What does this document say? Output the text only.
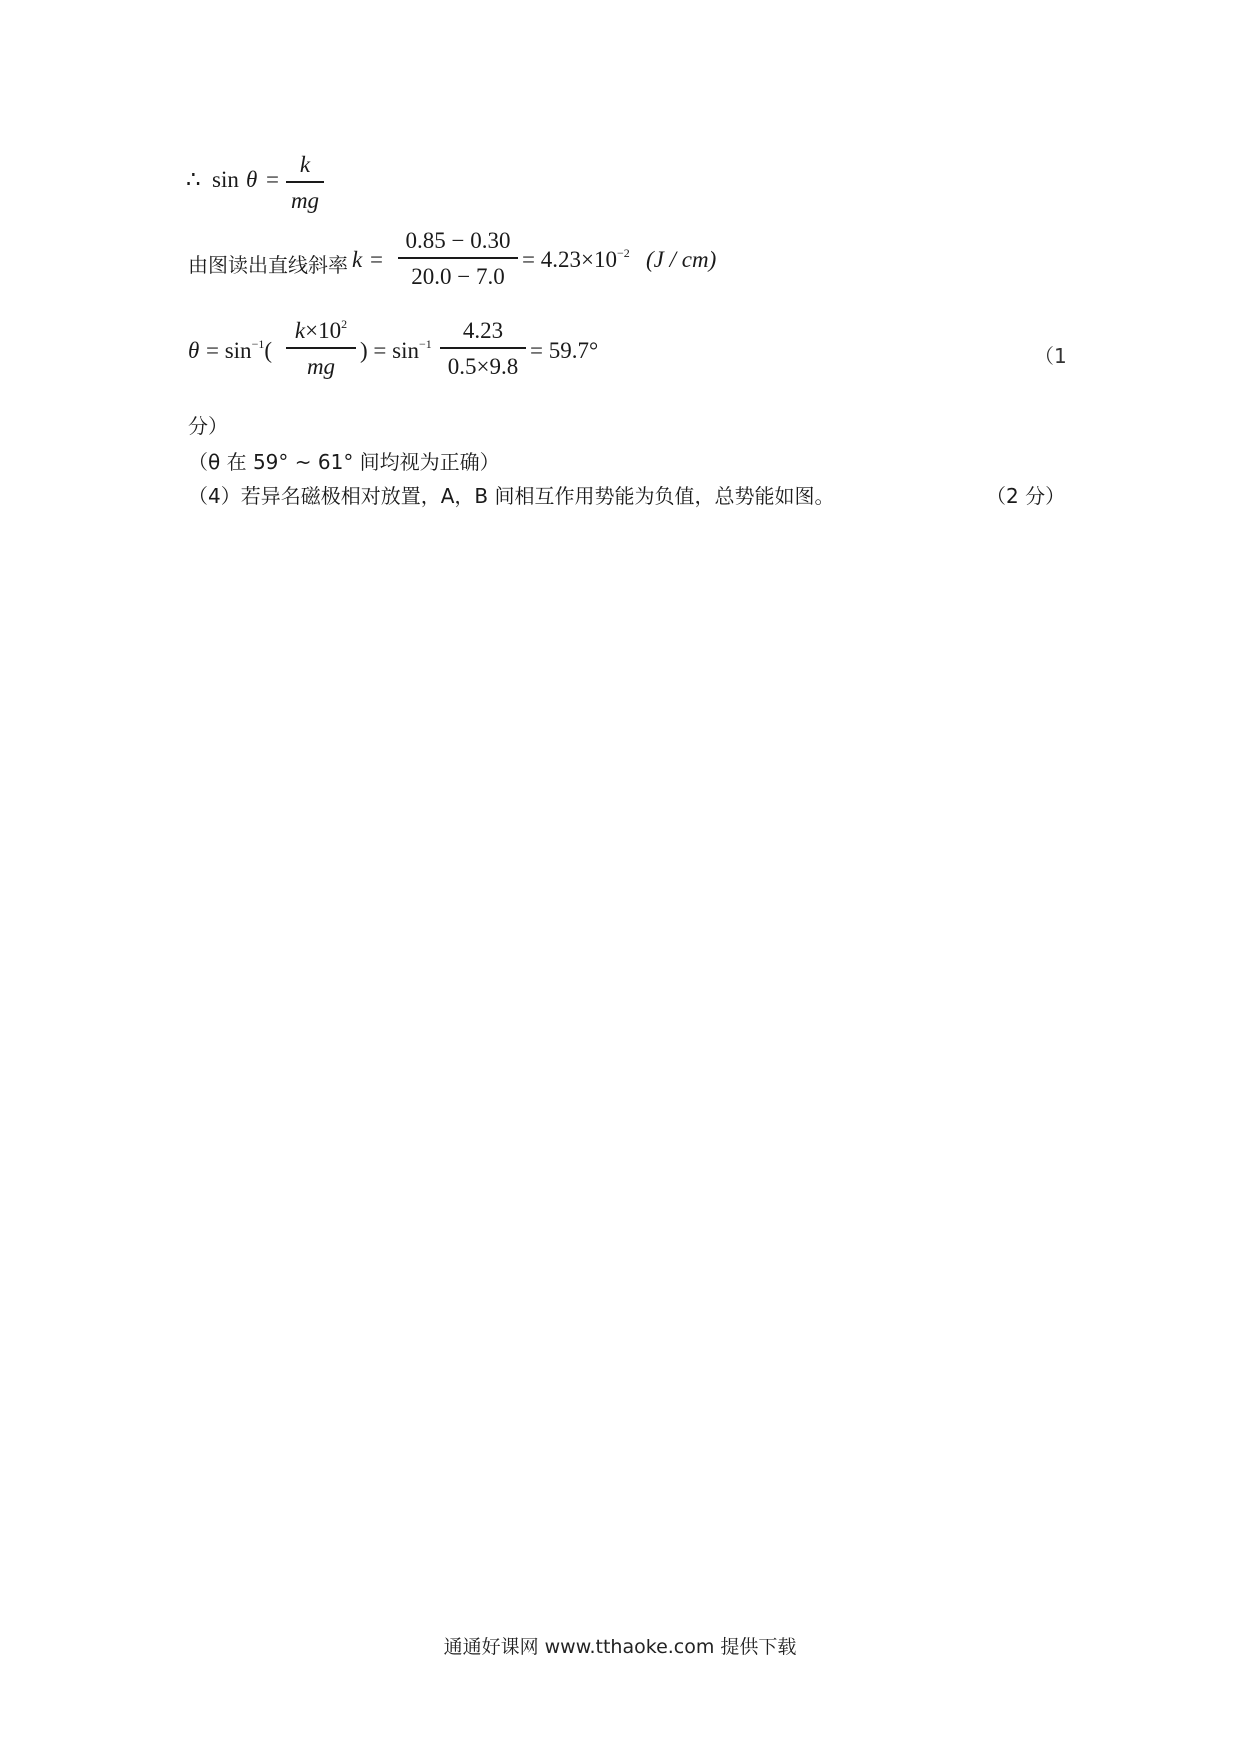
∴ sin θ =
k
mg
由图读出直线斜率 k =
0.85 − 0.30
20.0 − 7.0
= $4.23\times 10^{-2}$ (J / cm)
$\theta = \sin^{-1}$(
$k\times 10^2$
mg
) = $\sin^{-1}$
4.23
0.5×9.8
= 59.7°	（1
分）
（θ 在 59° ~ 61° 间均视为正确）
（4）若异名磁极相对放置，A，B 间相互作用势能为负值，总势能如图。	（2 分）
通通好课网 www.tthaoke.com 提供下载
